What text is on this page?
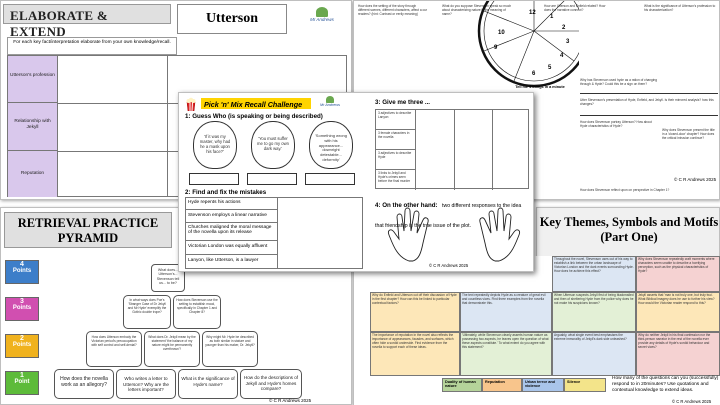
ELABORATE & EXTEND
Utterson	Mr Andrews
For each key fact/interpretation elaborate from your own knowledge/recall.
Utterson's profession
Relationship with Jekyll
Reputation
How does the setting of the story through different scenes, different characters, affect a our readers? (hint: Contrast or eerily meaning)
What do you suppose Stevenson speak so much about characterizing nature is the meaning of name?
How are Utterson and Enfield related? How does the narrative connect?
What is the significance of Utterson's profession to his characterization?
Why has Stevenson used hyde as a ration of changing through & Hyde? Could this be a sign on them?
Utter Stevenson's presentation of Hyde, Enfield, and Jekyll. Is their mirrored analysis? how this changes?
How does Stevenson portray Utterson? How about Hyde characteristics of Hyde?
How does Stevenson reflect upon on perspective in Chapter 1?
Why does Stevenson present the title in a 'closed-door' chapter? How does the critical intrusion continue?
12
1
2
3
4
5
6
9
10
Tell me 4 things in a minute
© C R Andrews 2025
RETRIEVAL PRACTICE PYRAMID
4
Points
3
Points
2
Points
1
Point
What does... Utterson's... Stevenson tell us... to be?
In what ways does Poe's 'Stranger Case of Dr Jekyll and Mr Hyde' exemplify the Gothic double trope?
How does Stevenson use the setting to establish mood, specifically in Chapter 1 and Chapter 8?
How does Utterson embody the Victorian period's preoccupation with self control and self-denial?
What does Dr. Jekyll mean by the statement 'the balance of my nature might be permanently overthrown'?
Why might Mr. Hyde be described as both similar in stature and younger than his maker, Dr. Jekyll?
How does the novella work as an allegory?
Who writes a letter to Utterson? Why are the letters important?
What is the significance of Hyde's name?
How do the descriptions of Jekyll and Hyde's homes compare?
© C R Andrews 2025
Key Themes, Symbols and Motifs
(Part One)
Why do Enfield and Utterson cut off their discussion of Hyde in the first chapter? How can this be linked to particular contextual factors?
The text repeatedly depicts Hyde as a creature of great evil and countless vices. Find three examples from the novella that demonstrate this.
The importance of reputation in the novel also reflects the importance of appearances, facades, and surfaces, which often hide a sordid underside. Find evidence from the novella to support each of these ideas.
'Ultimately, while Stevenson clearly asserts human nature as possessing two aspects, he leaves open the question of what these aspects constitute.' To what extent do you agree with this statement?
Throughout the novel, Stevenson uses out of his way to establish a link between the urban landscape of Victorian London and the dark events surrounding Hyde. How does he achieve this effect?
Why does Stevenson repeatedly craft moments where characters seem unable to describe a horrifying perception, such as the physical characteristics of Hyde?
When Utterson suspects Jekyll first of being blackmailed and then of sheltering Hyde from the police why does he not make his suspicions known?
Jekyll asserts that 'man is not truly one, but truly two'. What Biblical imagery does he use to further his view? How would the Victorian reader respond to this?
Arguably, what single event best emphasises the extreme immorality of Jekyll's dark side unleashed?
Why do neither Jekyll in his final confession nor the third-person narrator in the rest of the novella ever provide any details of Hyde's sordid behaviour and secret vices?
Duality of human nature
Reputation	Urban terror and violence
Silence
How many of the questions can you (successfully) respond to in 20minutes? Use quotations and contextual knowledge to extend ideas.
© C R Andrews 2025
Pick 'n' Mix Recall Challenge	Mr Andrews
1: Guess Who (is speaking or being described)
'If it was my master, why had he a mask upon his face?'
'You must suffer me to go my own dark way.'
'Something wrong with his appearance... downright detestable... deformity'
2: Find and fix the mistakes
Hyde repents his actions
Stevenson employs a linear narrative
Churches maligned the moral message of the novella upon its release
Victorian London was equally affluent
Lanyon, like Utterson, is a lawyer
3: Give me three ...
3 adjectives to describe Lanyon
3 female characters in the novella
3 adjectives to describe Hyde
3 links to Jekyll and Hyde's crimes seen before the final murder
4: On the other hand: two different responses to the idea that friendship is the true issue of the plot.
© C R Andrews 2025
